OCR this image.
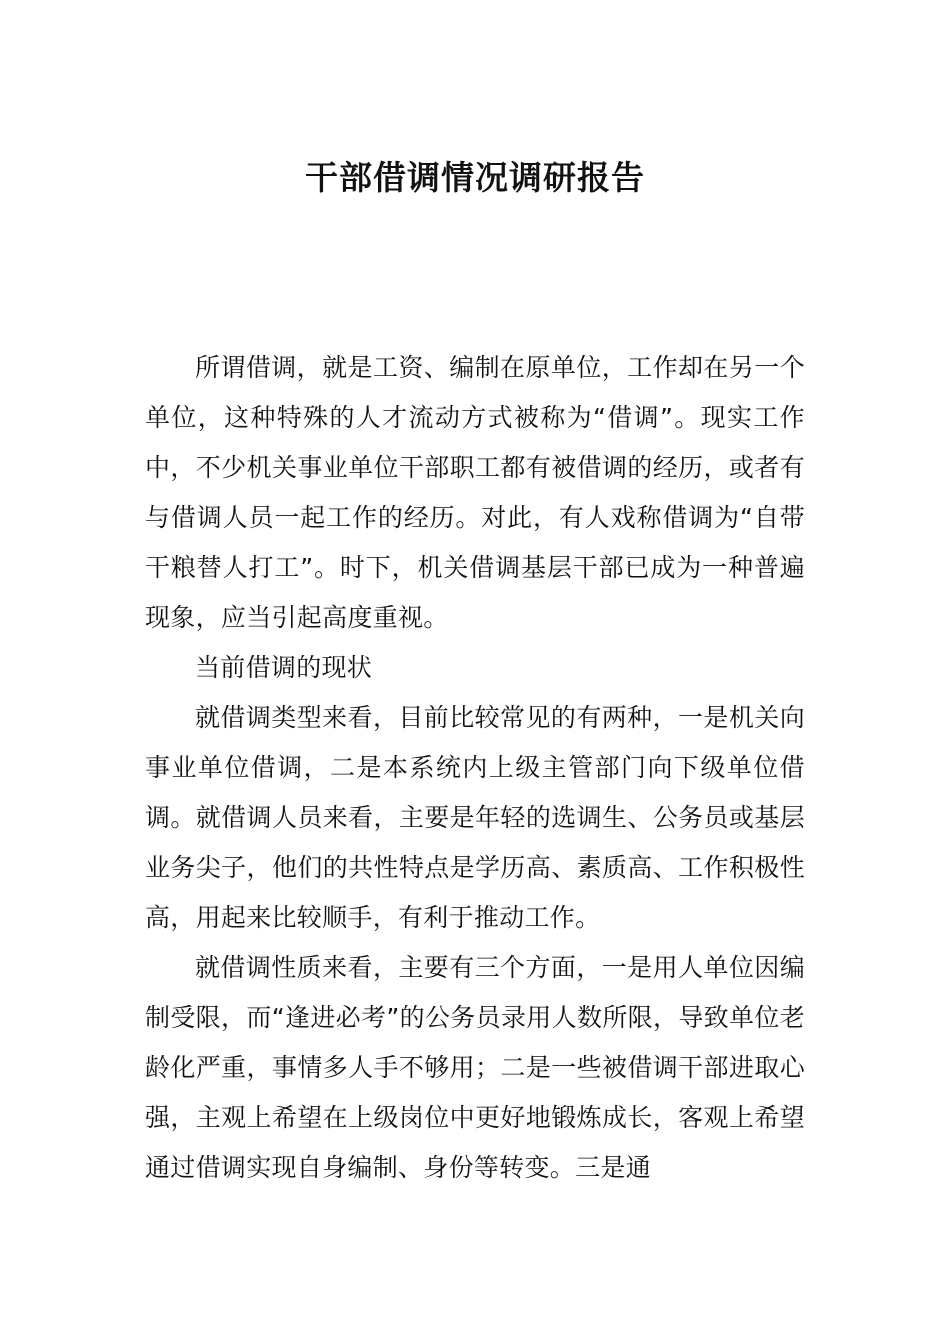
干部借调情况调研报告

所谓借调，就是工资、编制在原单位，工作却在另一个单位，这种特殊的人才流动方式被称为“借调”。现实工作中，不少机关事业单位干部职工都有被借调的经历，或者有与借调人员一起工作的经历。对此，有人戏称借调为“自带干粮替人打工”。时下，机关借调基层干部已成为一种普遍现象，应当引起高度重视。

当前借调的现状

就借调类型来看，目前比较常见的有两种，一是机关向事业单位借调，二是本系统内上级主管部门向下级单位借调。就借调人员来看，主要是年轻的选调生、公务员或基层业务尖子，他们的共性特点是学历高、素质高、工作积极性高，用起来比较顺手，有利于推动工作。

就借调性质来看，主要有三个方面，一是用人单位因编制受限，而“逢进必考”的公务员录用人数所限，导致单位老龄化严重，事情多人手不够用；二是一些被借调干部进取心强，主观上希望在上级岗位中更好地锻炼成长，客观上希望通过借调实现自身编制、身份等转变。三是通
